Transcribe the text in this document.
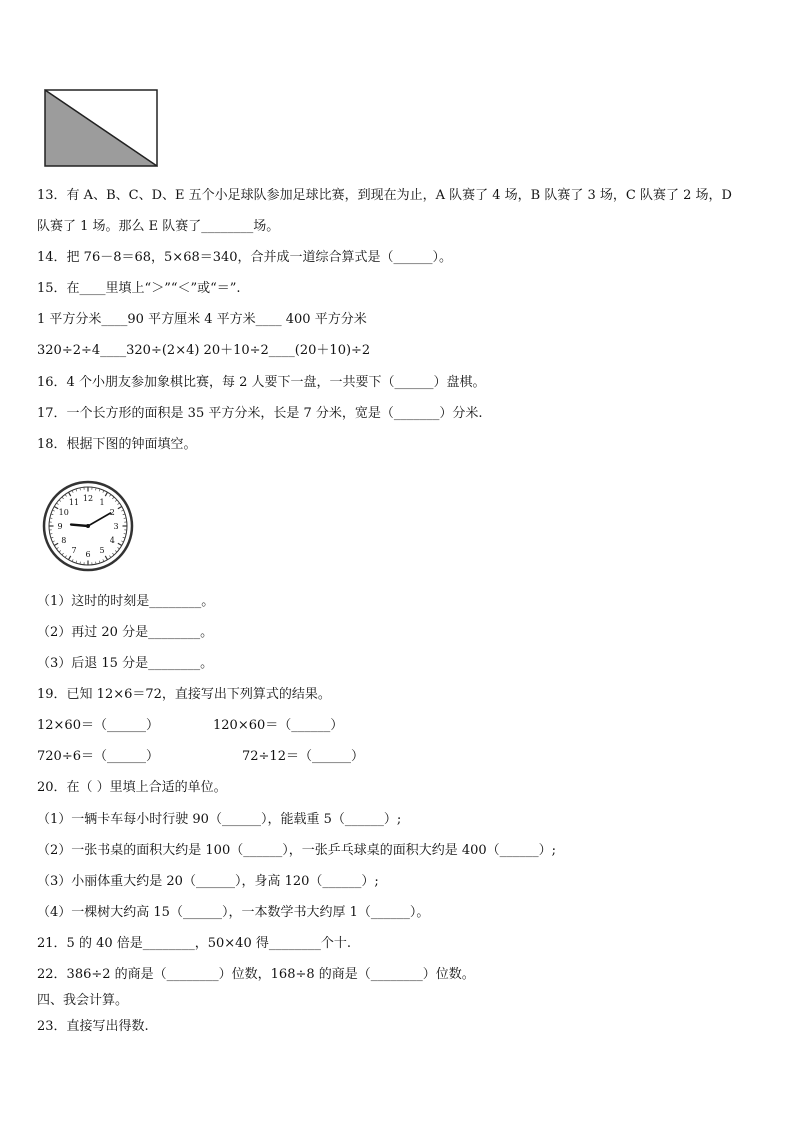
13．有 A、B、C、D、E 五个小足球队参加足球比赛，到现在为止，A 队赛了 4 场，B 队赛了 3 场，C 队赛了 2 场，D
队赛了 1 场。那么 E 队赛了________场。
14．把 76－8＝68，5×68＝340，合并成一道综合算式是（______）。
15．在____里填上“＞”“＜”或“＝”.
1 平方分米____90 平方厘米 4 平方米____ 400 平方分米
320÷2÷4____320÷(2×4) 20＋10÷2____(20＋10)÷2
16．4 个小朋友参加象棋比赛，每 2 人要下一盘，一共要下（______）盘棋。
17．一个长方形的面积是 35 平方分米，长是 7 分米，宽是（_______）分米.
18．根据下图的钟面填空。
12 1
2
3
4
5
6
7
8
9
10
11
（1）这时的时刻是________。
（2）再过 20 分是________。
（3）后退 15 分是________。
19．已知 12×6＝72，直接写出下列算式的结果。
12×60＝（______）	120×60＝（______）
720÷6＝（______）	72÷12＝（______）
20．在（ ）里填上合适的单位。
（1）一辆卡车每小时行驶 90（______），能载重 5（______）;
（2）一张书桌的面积大约是 100（______），一张乒乓球桌的面积大约是 400（______）;
（3）小丽体重大约是 20（______），身高 120（______）;
（4）一棵树大约高 15（______），一本数学书大约厚 1（______）。
21．5 的 40 倍是________，50×40 得________个十.
22．386÷2 的商是（________）位数，168÷8 的商是（________）位数。
四、我会计算。
23．直接写出得数.
